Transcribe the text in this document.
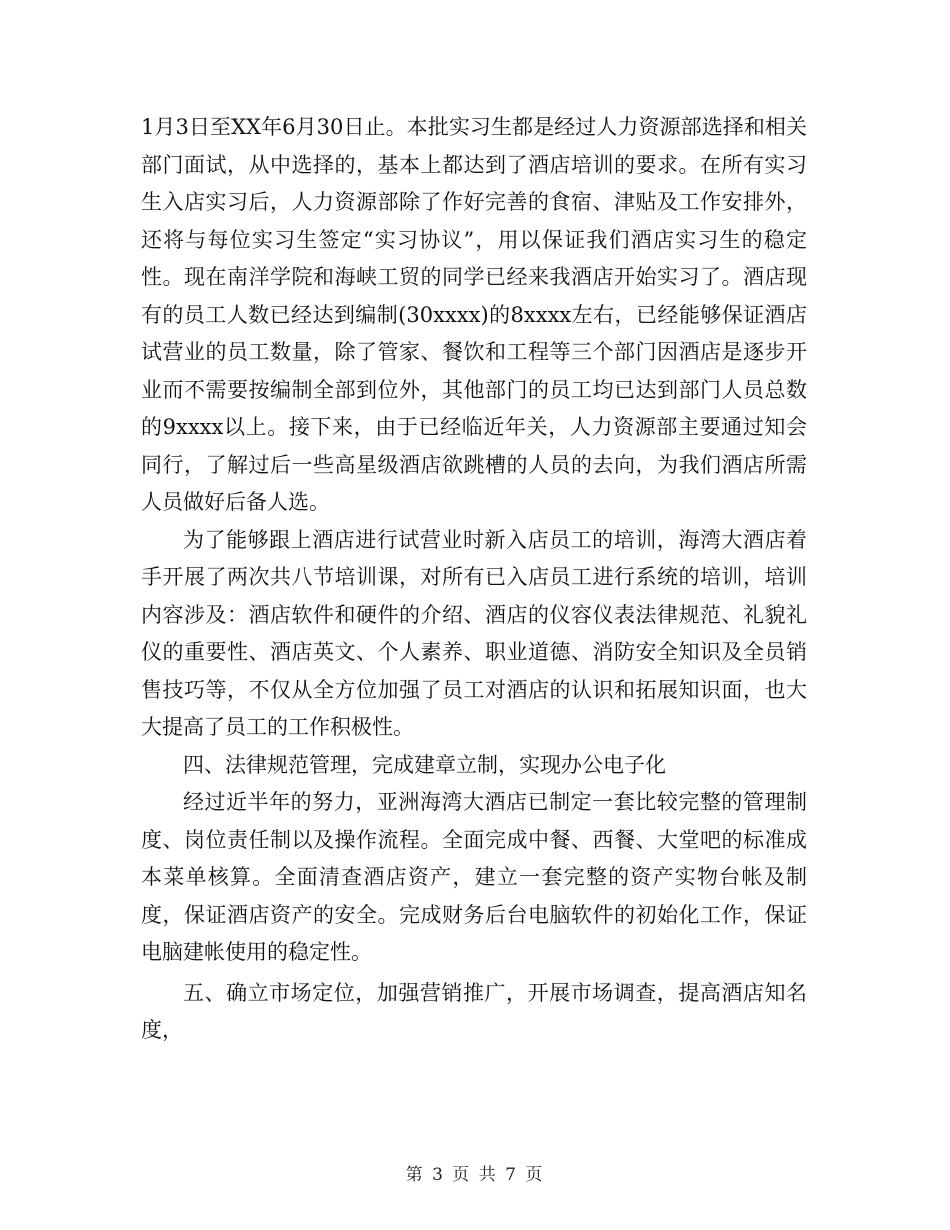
1月3日至XX年6月30日止。本批实习生都是经过人力资源部选择和相关部门面试，从中选择的，基本上都达到了酒店培训的要求。在所有实习生入店实习后，人力资源部除了作好完善的食宿、津贴及工作安排外，还将与每位实习生签定“实习协议”，用以保证我们酒店实习生的稳定性。现在南洋学院和海峡工贸的同学已经来我酒店开始实习了。酒店现有的员工人数已经达到编制(30xxxx)的8xxxx左右，已经能够保证酒店试营业的员工数量，除了管家、餐饮和工程等三个部门因酒店是逐步开业而不需要按编制全部到位外，其他部门的员工均已达到部门人员总数的9xxxx以上。接下来，由于已经临近年关，人力资源部主要通过知会同行，了解过后一些高星级酒店欲跳槽的人员的去向，为我们酒店所需人员做好后备人选。

为了能够跟上酒店进行试营业时新入店员工的培训，海湾大酒店着手开展了两次共八节培训课，对所有已入店员工进行系统的培训，培训内容涉及：酒店软件和硬件的介绍、酒店的仪容仪表法律规范、礼貌礼仪的重要性、酒店英文、个人素养、职业道德、消防安全知识及全员销售技巧等，不仅从全方位加强了员工对酒店的认识和拓展知识面，也大大提高了员工的工作积极性。

四、法律规范管理，完成建章立制，实现办公电子化

经过近半年的努力，亚洲海湾大酒店已制定一套比较完整的管理制度、岗位责任制以及操作流程。全面完成中餐、西餐、大堂吧的标准成本菜单核算。全面清查酒店资产，建立一套完整的资产实物台帐及制度，保证酒店资产的安全。完成财务后台电脑软件的初始化工作，保证电脑建帐使用的稳定性。

五、确立市场定位，加强营销推广，开展市场调查，提高酒店知名度，

第 3 页 共 7 页
